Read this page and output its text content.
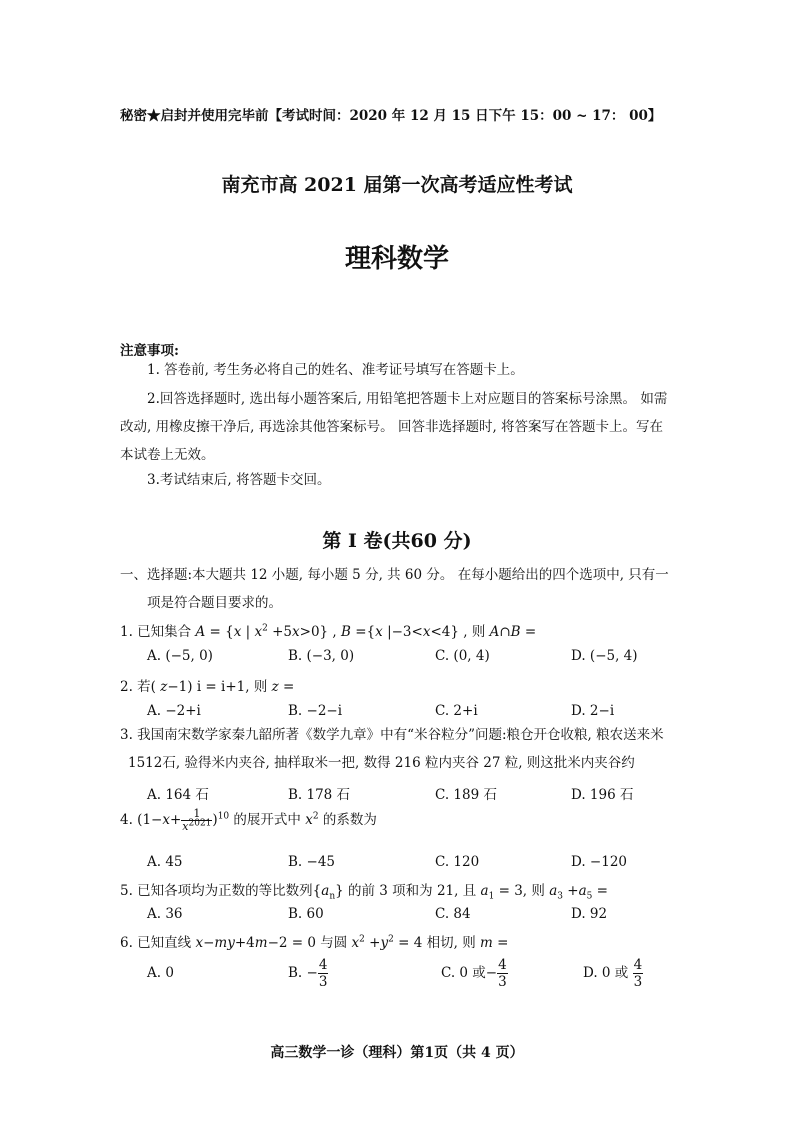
秘密★启封并使用完毕前【考试时间：2020 年 12 月 15 日下午 15：00 ~ 17： 00】
南充市高 2021 届第一次高考适应性考试
理科数学
注意事项:
1. 答卷前, 考生务必将自己的姓名、准考证号填写在答题卡上。
2.回答选择题时, 选出每小题答案后, 用铅笔把答题卡上对应题目的答案标号涂黑。 如需改动, 用橡皮擦干净后, 再选涂其他答案标号。 回答非选择题时, 将答案写在答题卡上。写在本试卷上无效。
3.考试结束后, 将答题卡交回。
第 I 卷(共60 分)
一、选择题:本大题共 12 小题, 每小题 5 分, 共 60 分。 在每小题给出的四个选项中, 只有一项是符合题目要求的。
1. 已知集合 A = {x | $x^2 +5x>0$} , B ={x |−3<x<4} , 则 A∩B =
A. (−5, 0)	B. (−3, 0)	C. (0, 4)	D. (−5, 4)
2. 若( z−1) i = i+1, 则 z =
A. −2+i	B. −2−i	C. 2+i	D. 2−i
3. 我国南宋数学家秦九韶所著《数学九章》中有“米谷粒分”问题:粮仓开仓收粮, 粮农送来米1512石, 验得米内夹谷, 抽样取米一把, 数得 216 粒内夹谷 27 粒, 则这批米内夹谷约
A. 164 石	B. 178 石	C. 189 石	D. 196 石
4. $(1-x+ \frac{1}{x^{2021}} )^{10}$ 的展开式中 $x^2$ 的系数为
A. 45	B. −45	C. 120	D. −120
5. 已知各项均为正数的等比数列$\{a_n\}$ 的前 3 项和为 21, 且 $a_1 = 3$, 则 $a_3 +a_5$ =
A. 36	B. 60	C. 84	D. 92
6. 已知直线 x−my+4m−2 = 0 与圆 $x^2 +y^2 = 4$ 相切, 则 m =
A. 0	B. − $\frac{4}{3}$	C. 0 或− $\frac{4}{3}$	D. 0 或 $\frac{4}{3}$
高三数学一诊（理科）第1页（共 4 页）
